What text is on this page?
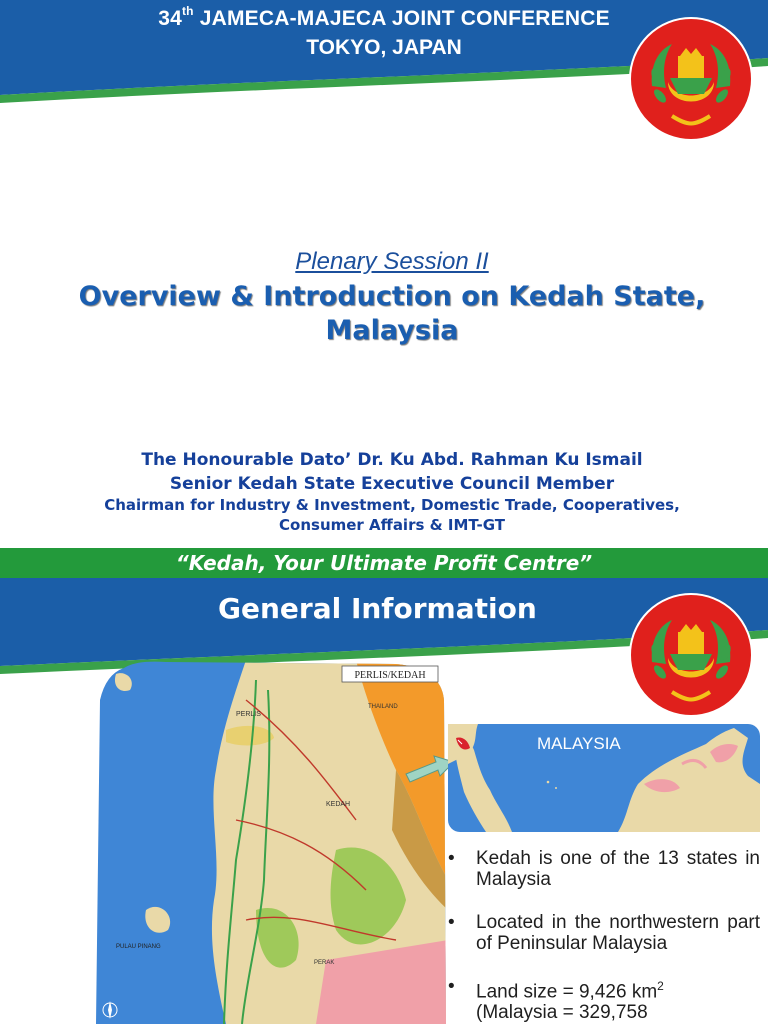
34th JAMECA-MAJECA JOINT CONFERENCE
TOKYO, JAPAN
Plenary Session II
Overview & Introduction on Kedah State,
Malaysia
The Honourable Dato’ Dr. Ku Abd. Rahman Ku Ismail
Senior Kedah State Executive Council Member
Chairman for Industry & Investment, Domestic Trade, Cooperatives,
Consumer Affairs & IMT-GT
“Kedah, Your Ultimate Profit Centre”
General Information
PERLIS/KEDAH
PERLIS
THAILAND
KEDAH
PULAU PINANG
PERAK
MALAYSIA
• Kedah is one of the 13 states in Malaysia
• Located in the northwestern part of Peninsular Malaysia
• Land size = 9,426 $km^2$
(Malaysia = 329,758
